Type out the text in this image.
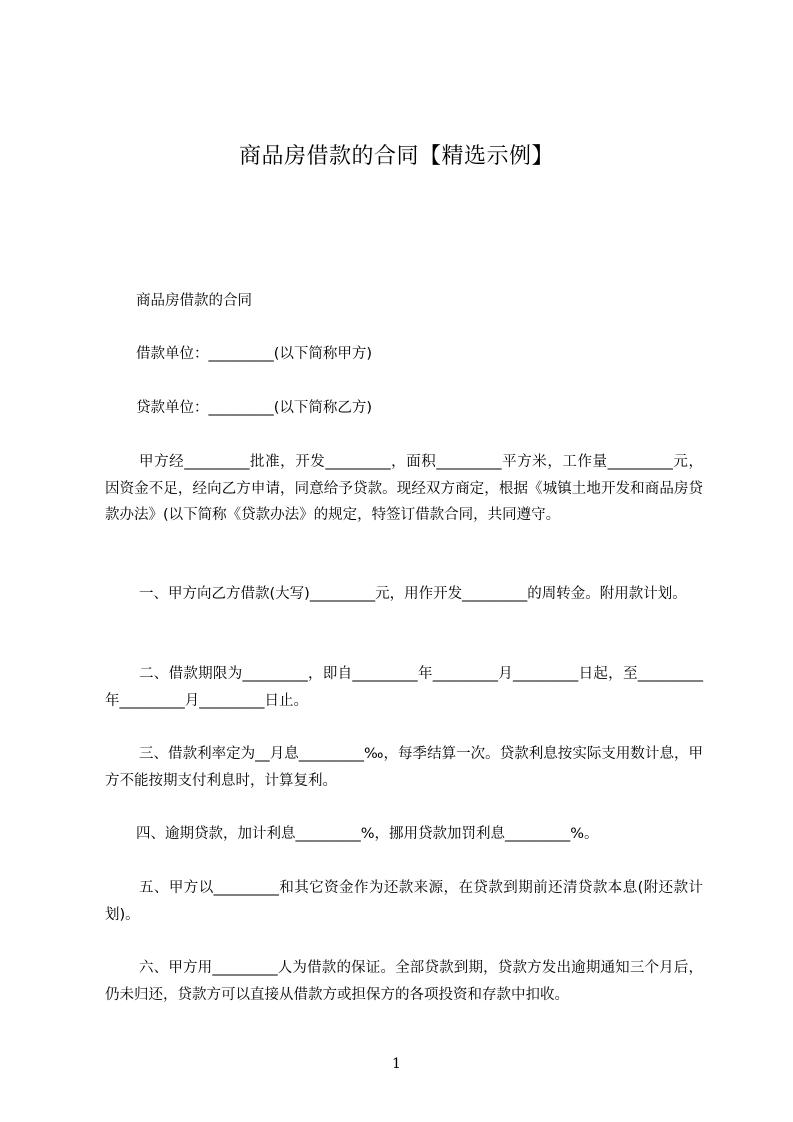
商品房借款的合同【精选示例】

商品房借款的合同

借款单位：_________(以下简称甲方)

贷款单位：_________(以下简称乙方)

甲方经_________批准，开发_________，面积_________平方米，工作量_________元，因资金不足，经向乙方申请，同意给予贷款。现经双方商定，根据《城镇土地开发和商品房贷款办法》(以下简称《贷款办法》的规定，特签订借款合同，共同遵守。

一、甲方向乙方借款(大写)_________元，用作开发_________的周转金。附用款计划。

二、借款期限为_________，即自_________年_________月_________日起，至_________年_________月_________日止。

三、借款利率定为__月息_________‰，每季结算一次。贷款利息按实际支用数计息，甲方不能按期支付利息时，计算复利。

四、逾期贷款，加计利息_________%，挪用贷款加罚利息_________%。

五、甲方以_________和其它资金作为还款来源，在贷款到期前还清贷款本息(附还款计划)。

六、甲方用_________人为借款的保证。全部贷款到期，贷款方发出逾期通知三个月后，仍未归还，贷款方可以直接从借款方或担保方的各项投资和存款中扣收。

1
